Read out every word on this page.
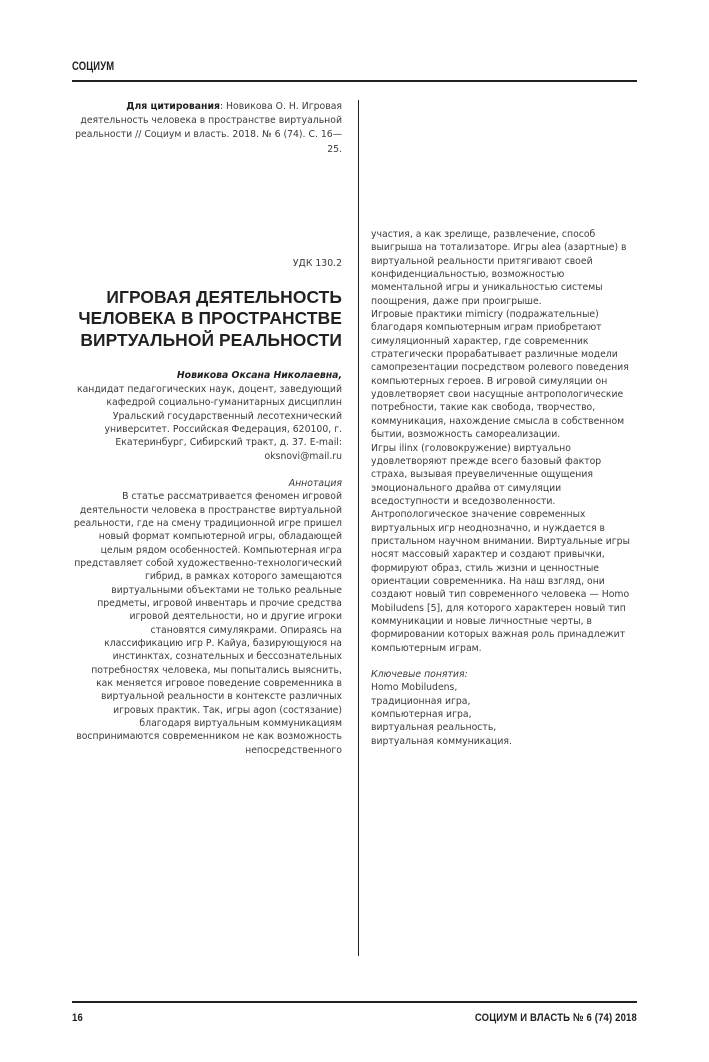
СОЦИУМ
Для цитирования: Новикова О. Н. Игровая деятельность человека в пространстве виртуальной реальности // Социум и власть. 2018. № 6 (74). С. 16—25.
УДК 130.2
ИГРОВАЯ ДЕЯТЕЛЬНОСТЬ ЧЕЛОВЕКА В ПРОСТРАНСТВЕ ВИРТУАЛЬНОЙ РЕАЛЬНОСТИ
Новикова Оксана Николаевна,
кандидат педагогических наук, доцент, заведующий кафедрой социально-гуманитарных дисциплин Уральский государственный лесотехнический университет. Российская Федерация, 620100, г. Екатеринбург, Сибирский тракт, д. 37. E-mail: oksnovi@mail.ru
Аннотация

В статье рассматривается феномен игровой деятельности человека в пространстве виртуальной реальности, где на смену традиционной игре пришел новый формат компьютерной игры, обладающей целым рядом особенностей. Компьютерная игра представляет собой художественно-технологический гибрид, в рамках которого замещаются виртуальными объектами не только реальные предметы, игровой инвентарь и прочие средства игровой деятельности, но и другие игроки становятся симулякрами. Опираясь на классификацию игр Р. Кайуа, базирующуюся на инстинктах, сознательных и бессознательных потребностях человека, мы попытались выяснить, как меняется игровое поведение современника в виртуальной реальности в контексте различных игровых практик. Так, игры agon (состязание) благодаря виртуальным коммуникациям воспринимаются современником не как возможность непосредственного

участия, а как зрелище, развлечение, способ выигрыша на тотализаторе. Игры alea (азартные) в виртуальной реальности притягивают своей конфиденциальностью, возможностью моментальной игры и уникальностью системы поощрения, даже при проигрыше.

Игровые практики mimicry (подражательные) благодаря компьютерным играм приобретают симуляционный характер, где современник стратегически прорабатывает различные модели самопрезентации посредством ролевого поведения компьютерных героев. В игровой симуляции он удовлетворяет свои насущные антропологические потребности, такие как свобода, творчество, коммуникация, нахождение смысла в собственном бытии, возможность самореализации.

Игры ilinx (головокружение) виртуально удовлетворяют прежде всего базовый фактор страха, вызывая преувеличенные ощущения эмоционального драйва от симуляции вседоступности и вседозволенности.

Антропологическое значение современных виртуальных игр неоднозначно, и нуждается в пристальном научном внимании. Виртуальные игры носят массовый характер и создают привычки, формируют образ, стиль жизни и ценностные ориентации современника. На наш взгляд, они создают новый тип современного человека — Homo Mobiludens [5], для которого характерен новый тип коммуникации и новые личностные черты, в формировании которых важная роль принадлежит компьютерным играм.

Ключевые понятия:

Homo Mobiludens,

традиционная игра,

компьютерная игра,

виртуальная реальность,

виртуальная коммуникация.

16	СОЦИУМ И ВЛАСТЬ № 6 (74) 2018
